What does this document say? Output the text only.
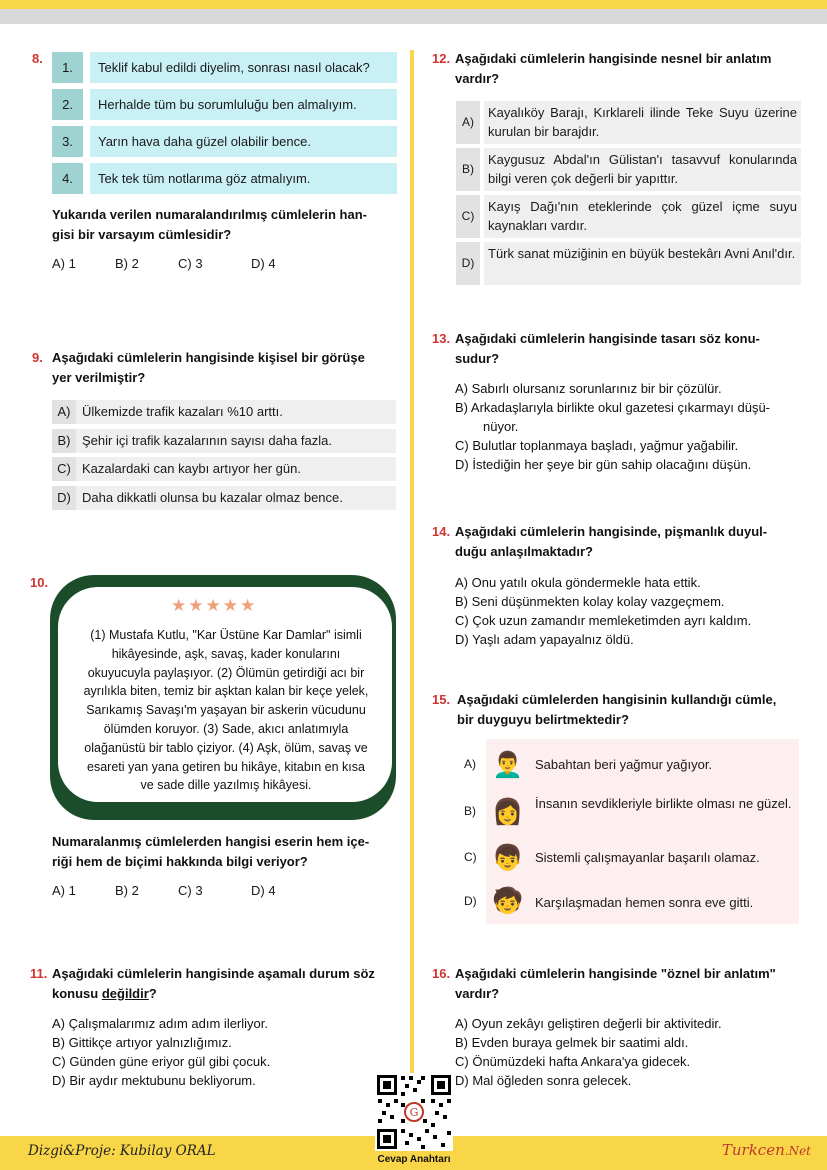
8.
1.	Teklif kabul edildi diyelim, sonrası nasıl olacak?
2.	Herhalde tüm bu sorumluluğu ben almalıyım.
3.	Yarın hava daha güzel olabilir bence.
4.	Tek tek tüm notlarıma göz atmalıyım.
Yukarıda verilen numaralandırılmış cümlelerin han-
gisi bir varsayım cümlesidir?
A) 1	B) 2	C) 3	D) 4
9. Aşağıdaki cümlelerin hangisinde kişisel bir görüşe
yer verilmiştir?
A) Ülkemizde trafik kazaları %10 arttı.
B) Şehir içi trafik kazalarının sayısı daha fazla.
C) Kazalardaki can kaybı artıyor her gün.
D) Daha dikkatli olunsa bu kazalar olmaz bence.
10.
★★★★★
(1) Mustafa Kutlu, "Kar Üstüne Kar Damlar" isimli
hikâyesinde, aşk, savaş, kader konularını
okuyucuyla paylaşıyor. (2) Ölümün getirdiği acı bir
ayrılıkla biten, temiz bir aşktan kalan bir keçe yelek,
Sarıkamış Savaşı'm yaşayan bir askerin vücudunu
ölümden koruyor. (3) Sade, akıcı anlatımıyla
olağanüstü bir tablo çiziyor. (4) Aşk, ölüm, savaş ve
esareti yan yana getiren bu hikâye, kitabın en kısa
ve sade dille yazılmış hikâyesi.
Numaralanmış cümlelerden hangisi eserin hem içe-
riği hem de biçimi hakkında bilgi veriyor?
A) 1	B) 2	C) 3	D) 4
11. Aşağıdaki cümlelerin hangisinde aşamalı durum söz
konusu değildir?
A) Çalışmalarımız adım adım ilerliyor.
B) Gittikçe artıyor yalnızlığımız.
C) Günden güne eriyor gül gibi çocuk.
D) Bir aydır mektubunu bekliyorum.
12. Aşağıdaki cümlelerin hangisinde nesnel bir anlatım
vardır?
A)
Kayalıköy Barajı, Kırklareli ilinde Teke Suyu üzerine kurulan bir barajdır.
B)
Kaygusuz Abdal'ın Gülistan'ı tasavvuf konularında bilgi veren çok değerli bir yapıttır.
C)
Kayış Dağı'nın eteklerinde çok güzel içme suyu kaynakları vardır.
D)
Türk sanat müziğinin en büyük bestekârı Avni Anıl'dır.
13. Aşağıdaki cümlelerin hangisinde tasarı söz konu-
sudur?
A) Sabırlı olursanız sorunlarınız bir bir çözülür.
B) Arkadaşlarıyla birlikte okul gazetesi çıkarmayı düşü-
nüyor.
C) Bulutlar toplanmaya başladı, yağmur yağabilir.
D) İstediğin her şeye bir gün sahip olacağını düşün.
14. Aşağıdaki cümlelerin hangisinde, pişmanlık duyul-
duğu anlaşılmaktadır?
A) Onu yatılı okula göndermekle hata ettik.
B) Seni düşünmekten kolay kolay vazgeçmem.
C) Çok uzun zamandır memleketimden ayrı kaldım.
D) Yaşlı adam yapayalnız öldü.
15. Aşağıdaki cümlelerden hangisinin kullandığı cümle,
bir duyguyu belirtmektedir?
A) 👨‍🦱 Sabahtan beri yağmur yağıyor.
B) 👩 İnsanın sevdikleriyle birlikte olması ne güzel.
C) 👦 Sistemli çalışmayanlar başarılı olamaz.
D) 🧒 Karşılaşmadan hemen sonra eve gitti.
16. Aşağıdaki cümlelerin hangisinde "öznel bir anlatım"
vardır?
A) Oyun zekâyı geliştiren değerli bir aktivitedir.
B) Evden buraya gelmek bir saatimi aldı.
C) Önümüzdeki hafta Ankara'ya gidecek.
D) Mal öğleden sonra gelecek.
Dizgi&Proje: Kubilay ORAL	Turkcen.Net
G
Cevap Anahtarı
